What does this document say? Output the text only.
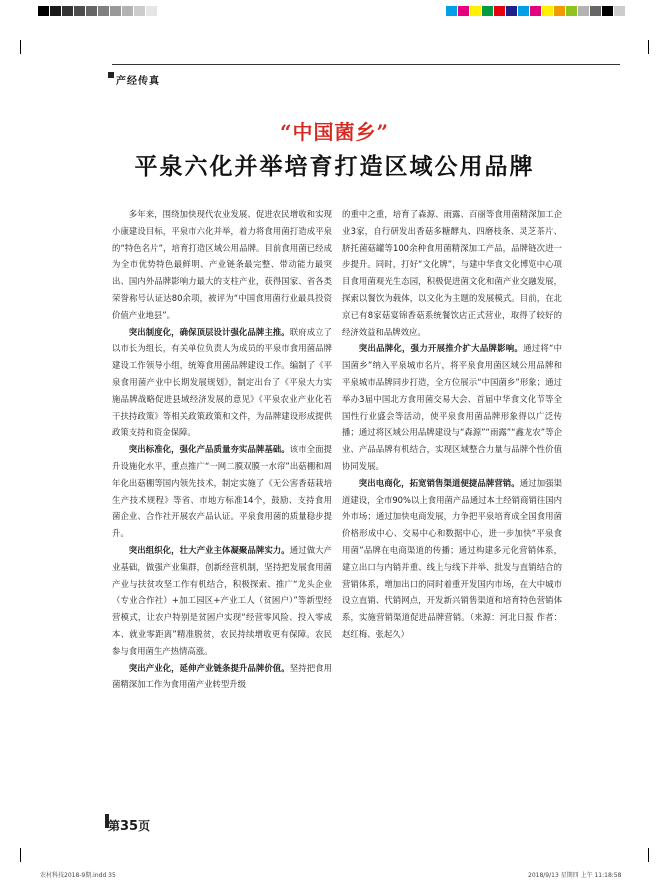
产经传真
“中国菌乡”
平泉六化并举培育打造区域公用品牌

多年来，围绕加快现代农业发展、促进农民增收和实现小康建设目标，平泉市六化并举，着力将食用菌打造成平泉的“特色名片”，培育打造区域公用品牌。目前食用菌已经成为全市优势特色最鲜明、产业链条最完整、带动能力最突出、国内外品牌影响力最大的支柱产业，获得国家、省各类荣誉称号认证达80余项，被评为“中国食用菌行业最具投资价值产业地县”。

突出制度化，确保顶层设计强化品牌主推。联府成立了以市长为组长，有关单位负责人为成员的平泉市食用菌品牌建设工作领导小组，统筹食用菌品牌建设工作。编制了《平泉食用菌产业中长期发展规划》，制定出台了《平泉大力实施品牌战略促进县域经济发展的意见》《平泉农业产业化若干扶持政策》等相关政策政策和文件，为品牌建设形成提供政策支持和资金保障。

突出标准化，强化产品质量夯实品牌基础。该市全面提升设施化水平，重点推广“一网二膜双膜一水帘”出菇棚和周年化出菇棚等国内领先技术，制定实施了《无公害香菇栽培生产技术规程》等省、市地方标准14个，鼓励、支持食用菌企业、合作社开展农产品认证。平泉食用菌的质量稳步提升。

突出组织化，壮大产业主体凝聚品牌实力。通过做大产业基础，做强产业集群，创新经营机制，坚持把发展食用菌产业与扶贫攻坚工作有机结合，积极探索、推广“龙头企业（专业合作社）+加工园区+产业工人（贫困户）”等新型经营模式，让农户特别是贫困户实现“经营零风险、投入零成本、就业零距离”精准脱贫，农民持续增收更有保障。农民参与食用菌生产热情高涨。

突出产业化，延伸产业链条提升品牌价值。坚持把食用菌精深加工作为食用菌产业转型升级

的重中之重，培育了森源、雨露、百丽等食用菌精深加工企业3家，自行研发出香菇多糖酵丸、四磨枝条、灵芝茶片、脐托菌菇罐等100余种食用菌精深加工产品，品牌链次进一步提升。同时，打好“文化牌”，与建中华食文化博览中心项目食用菌观光生态园，积极促进菌文化和菌产业交融发展，探索以餐饮为载体，以文化为主题的发展模式。目前，在北京已有8家菇宴锦香菇系统餐饮店正式营业，取得了较好的经济效益和品牌效应。

突出品牌化，强力开展推介扩大品牌影响。通过将“中国菌乡”纳入平泉城市名片，将平泉食用菌区域公用品牌和平泉城市品牌同步打造，全方位展示“中国菌乡”形象；通过举办3届中国北方食用菌交易大会、首届中华食文化节等全国性行业盛会等活动，使平泉食用菌品牌形象得以广泛传播；通过将区域公用品牌建设与“森源”“雨露”“鑫龙农”等企业、产品品牌有机结合，实现区域整合力量与品牌个性价值协同发展。

突出电商化，拓宽销售渠道便捷品牌营销。通过加强渠道建设，全市90%以上食用菌产品通过本土经销商销往国内外市场；通过加快电商发展，力争把平泉培育成全国食用菌价格形成中心、交易中心和数据中心，进一步加快“平泉食用菌”品牌在电商渠道的传播；通过构建多元化营销体系，建立出口与内销并重、线上与线下并举、批发与直销结合的营销体系，增加出口的同时着重开发国内市场，在大中城市设立直销、代销网点，开发新兴销售渠道和培育特色营销体系，实施营销渠道促进品牌营销。（来源：河北日报 作者：赵红梅、张起久）

第35页
农村科技2018-9期.indd 35	2018/9/13 星期四 上午 11:18:58
